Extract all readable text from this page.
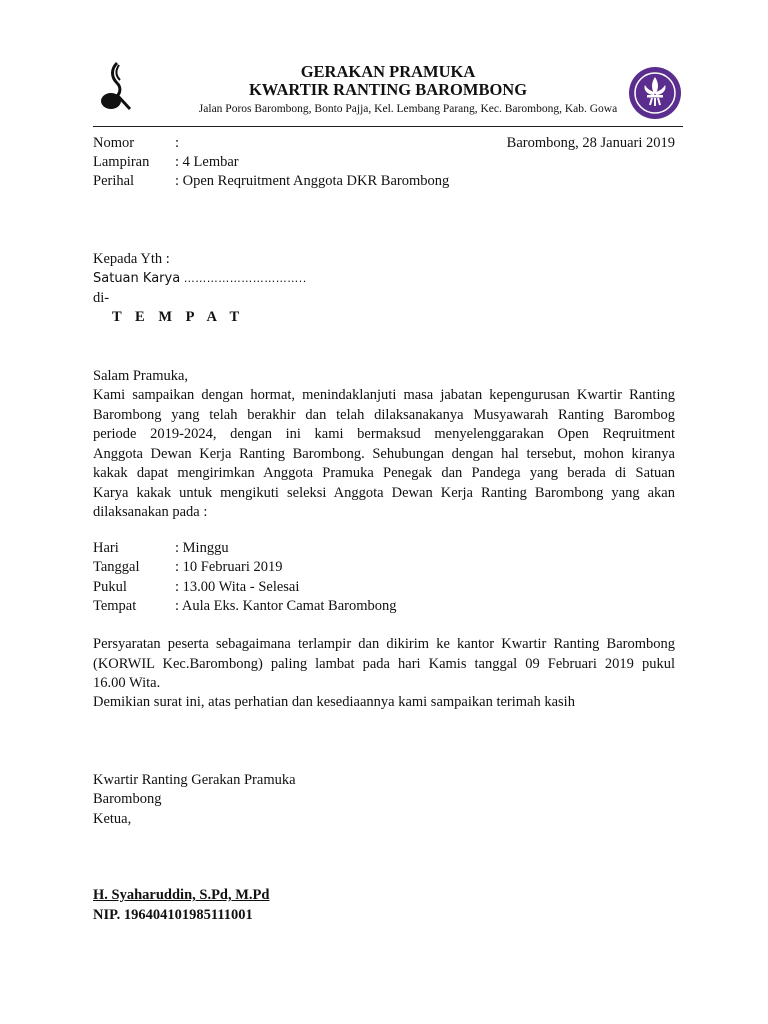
GERAKAN PRAMUKA
KWARTIR RANTING BAROMBONG
Jalan Poros Barombong, Bonto Pajja, Kel. Lembang Parang, Kec. Barombong, Kab. Gowa
Nomor	:	Barombong, 28 Januari 2019
Lampiran : 4 Lembar
Perihal	: Open Reqruitment Anggota DKR Barombong
Kepada Yth :
Satuan Karya …………………………..
di-
T E M P A T
Salam Pramuka,
Kami sampaikan dengan hormat, menindaklanjuti masa jabatan kepengurusan Kwartir Ranting
Barombong yang telah berakhir dan telah dilaksanakanya Musyawarah Ranting Barombog
periode 2019-2024, dengan ini kami bermaksud menyelenggarakan Open Reqruitment
Anggota Dewan Kerja Ranting Barombong. Sehubungan dengan hal tersebut, mohon kiranya
kakak dapat mengirimkan Anggota Pramuka Penegak dan Pandega yang berada di Satuan
Karya kakak untuk mengikuti seleksi Anggota Dewan Kerja Ranting Barombong yang akan
dilaksanakan pada :
Hari	: Minggu
Tanggal : 10 Februari 2019
Pukul	: 13.00 Wita - Selesai
Tempat	: Aula Eks. Kantor Camat Barombong
Persyaratan peserta sebagaimana terlampir dan dikirim ke kantor Kwartir Ranting Barombong
(KORWIL Kec.Barombong) paling lambat pada hari Kamis tanggal 09 Februari 2019 pukul
16.00 Wita.
Demikian surat ini, atas perhatian dan kesediaannya kami sampaikan terimah kasih
Kwartir Ranting Gerakan Pramuka
Barombong
Ketua,
H. Syaharuddin, S.Pd, M.Pd
NIP. 196404101985111001
